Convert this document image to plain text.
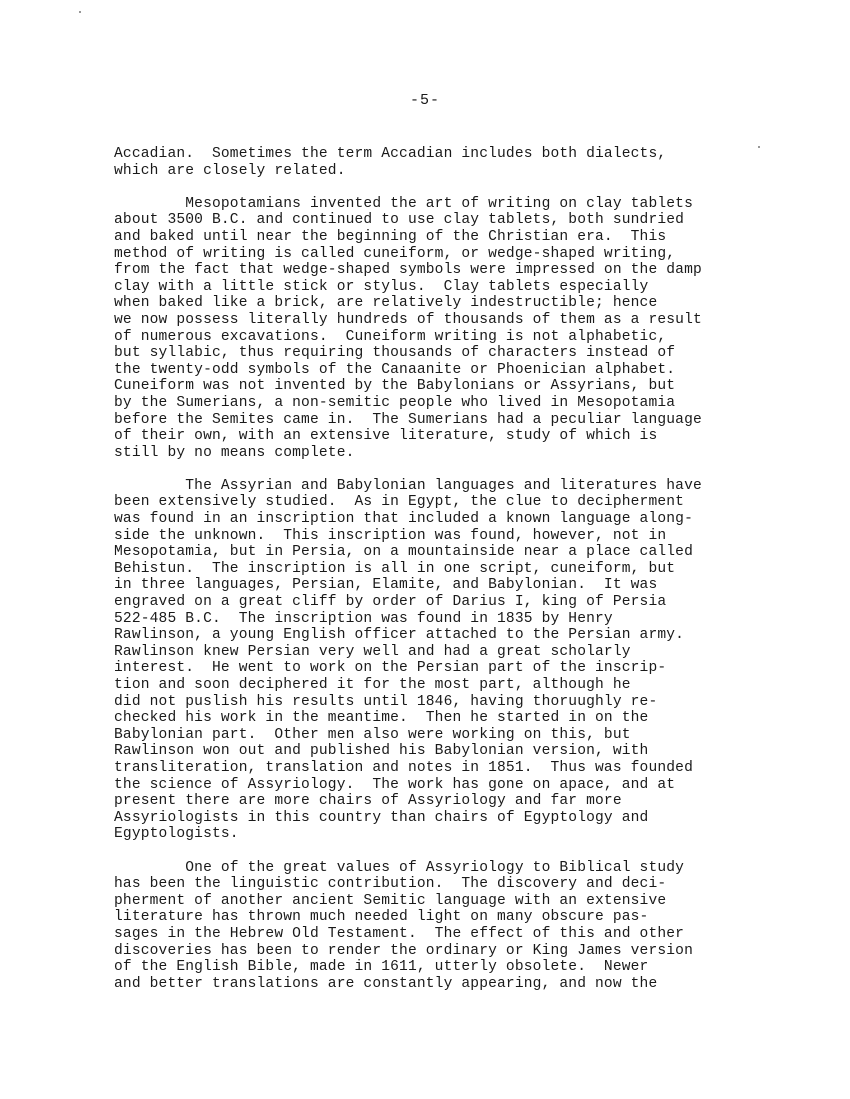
-5-
Accadian.  Sometimes the term Accadian includes both dialects,
which are closely related.
Mesopotamians invented the art of writing on clay tablets
about 3500 B.C. and continued to use clay tablets, both sundried
and baked until near the beginning of the Christian era.  This
method of writing is called cuneiform, or wedge-shaped writing,
from the fact that wedge-shaped symbols were impressed on the damp
clay with a little stick or stylus.  Clay tablets especially
when baked like a brick, are relatively indestructible; hence
we now possess literally hundreds of thousands of them as a result
of numerous excavations.  Cuneiform writing is not alphabetic,
but syllabic, thus requiring thousands of characters instead of
the twenty-odd symbols of the Canaanite or Phoenician alphabet.
Cuneiform was not invented by the Babylonians or Assyrians, but
by the Sumerians, a non-semitic people who lived in Mesopotamia
before the Semites came in.  The Sumerians had a peculiar language
of their own, with an extensive literature, study of which is
still by no means complete.
The Assyrian and Babylonian languages and literatures have
been extensively studied.  As in Egypt, the clue to decipherment
was found in an inscription that included a known language along-
side the unknown.  This inscription was found, however, not in
Mesopotamia, but in Persia, on a mountainside near a place called
Behistun.  The inscription is all in one script, cuneiform, but
in three languages, Persian, Elamite, and Babylonian.  It was
engraved on a great cliff by order of Darius I, king of Persia
522-485 B.C.  The inscription was found in 1835 by Henry
Rawlinson, a young English officer attached to the Persian army.
Rawlinson knew Persian very well and had a great scholarly
interest.  He went to work on the Persian part of the inscrip-
tion and soon deciphered it for the most part, although he
did not puslish his results until 1846, having thoruughly re-
checked his work in the meantime.  Then he started in on the
Babylonian part.  Other men also were working on this, but
Rawlinson won out and published his Babylonian version, with
transliteration, translation and notes in 1851.  Thus was founded
the science of Assyriology.  The work has gone on apace, and at
present there are more chairs of Assyriology and far more
Assyriologists in this country than chairs of Egyptology and
Egyptologists.
One of the great values of Assyriology to Biblical study
has been the linguistic contribution.  The discovery and deci-
pherment of another ancient Semitic language with an extensive
literature has thrown much needed light on many obscure pas-
sages in the Hebrew Old Testament.  The effect of this and other
discoveries has been to render the ordinary or King James version
of the English Bible, made in 1611, utterly obsolete.  Newer
and better translations are constantly appearing, and now the
